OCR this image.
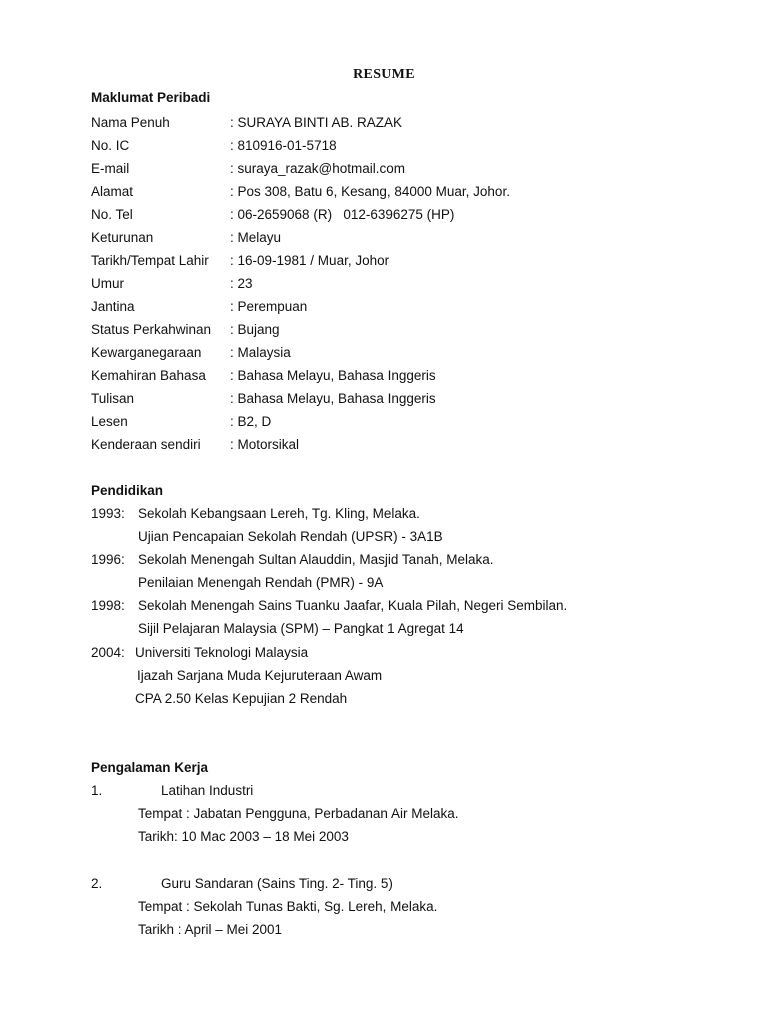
RESUME
Maklumat Peribadi
Nama Penuh	: SURAYA BINTI AB. RAZAK
No. IC	: 810916-01-5718
E-mail	: suraya_razak@hotmail.com
Alamat	: Pos 308, Batu 6, Kesang, 84000 Muar, Johor.
No. Tel	: 06-2659068 (R)   012-6396275 (HP)
Keturunan	: Melayu
Tarikh/Tempat Lahir : 16-09-1981 / Muar, Johor
Umur	: 23
Jantina	: Perempuan
Status Perkahwinan : Bujang
Kewarganegaraan : Malaysia
Kemahiran Bahasa : Bahasa Melayu, Bahasa Inggeris
Tulisan	: Bahasa Melayu, Bahasa Inggeris
Lesen	: B2, D
Kenderaan sendiri : Motorsikal
Pendidikan
1993: Sekolah Kebangsaan Lereh, Tg. Kling, Melaka.
Ujian Pencapaian Sekolah Rendah (UPSR) - 3A1B
1996: Sekolah Menengah Sultan Alauddin, Masjid Tanah, Melaka.
Penilaian Menengah Rendah (PMR) - 9A
1998: Sekolah Menengah Sains Tuanku Jaafar, Kuala Pilah, Negeri Sembilan.
Sijil Pelajaran Malaysia (SPM) – Pangkat 1 Agregat 14
2004: Universiti Teknologi Malaysia
Ijazah Sarjana Muda Kejuruteraan Awam
CPA 2.50 Kelas Kepujian 2 Rendah
Pengalaman Kerja
1.	Latihan Industri
Tempat : Jabatan Pengguna, Perbadanan Air Melaka.
Tarikh: 10 Mac 2003 – 18 Mei 2003
2.	Guru Sandaran (Sains Ting. 2- Ting. 5)
Tempat : Sekolah Tunas Bakti, Sg. Lereh, Melaka.
Tarikh : April – Mei 2001
